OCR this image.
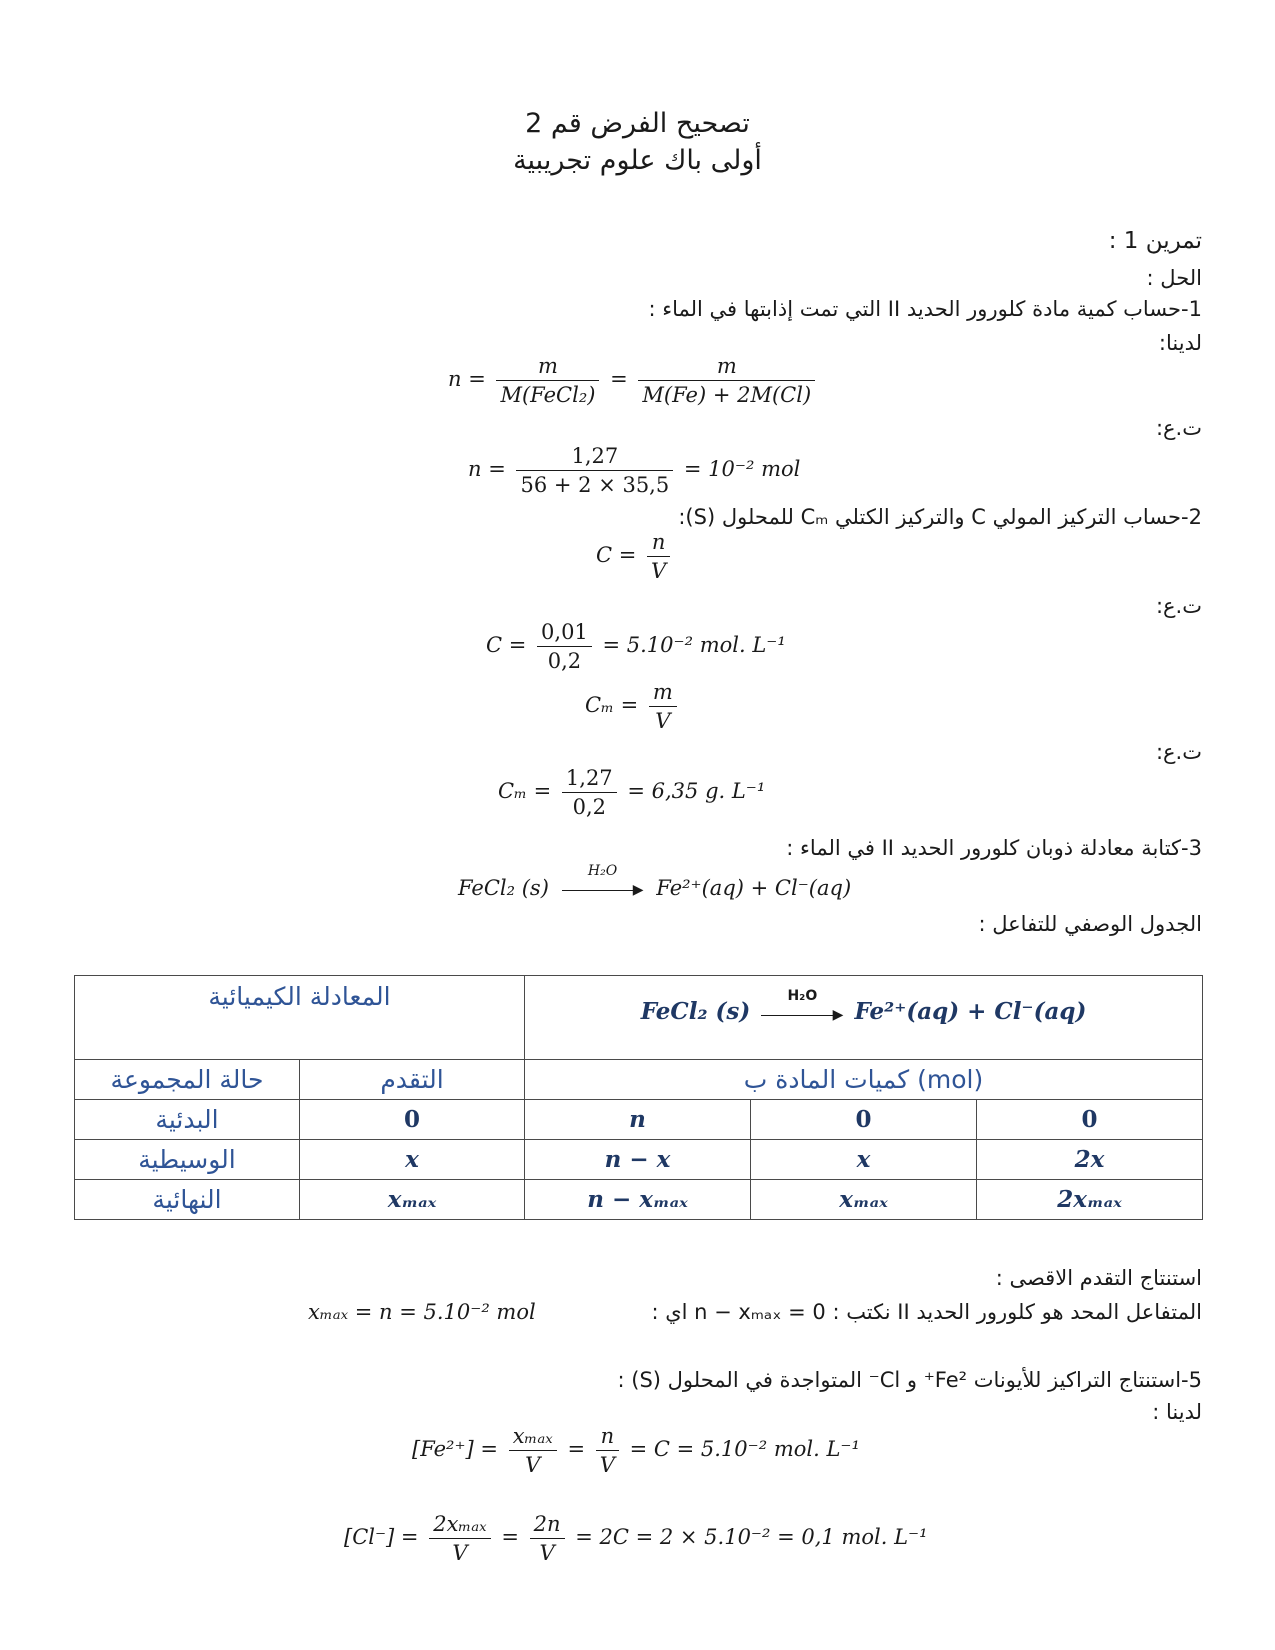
تصحيح الفرض قم 2
أولى باك علوم تجريبية
تمرين 1 :
الحل :
1-حساب كمية مادة كلورور الحديد II التي تمت إذابتها في الماء :
لدينا:
$n = \frac{m}{\text{M(FeCl₂)}} = \frac{m}{M(Fe) + 2M(Cl)}$
ت.ع:
$n = \frac{1,27}{56 + 2 \times 35,5} = 10^{-2}$ mol
2-حساب التركيز المولي C والتركيز الكتلي Cₘ للمحلول (S):
$C = \frac{n}{V}$
ت.ع:
$C = \frac{0,01}{0,2} = 5.10^{-2}$ mol. L⁻¹
$C_m = \frac{m}{V}$
ت.ع:
$C_m = \frac{1,27}{0,2} = 6,35$ g. L⁻¹
3-كتابة معادلة ذوبان كلورور الحديد II في الماء :
FeCl₂ (s)
H₂O
▶ Fe²⁺(aq) + Cl⁻(aq)
الجدول الوصفي للتفاعل :
المعادلة الكيميائية		FeCl₂ (s)
H₂O
▶ Fe²⁺(aq) + Cl⁻(aq)		
حالة المجموعة	التقدم	كميات المادة ب (mol)		
البدئية	0	n	0	0
الوسيطية	x	n − x	x	2x
النهائية	xₘₐₓ	n − xₘₐₓ	xₘₐₓ	2xₘₐₓ
استنتاج التقدم الاقصى :
المتفاعل المحد هو كلورور الحديد II نكتب : n − xₘₐₓ = 0 اي :
xₘₐₓ = n = 5.10⁻² mol
5-استنتاج التراكيز للأيونات Fe²⁺ و Cl⁻ المتواجدة في المحلول (S) :
لدينا :
$[Fe^{2+}] = \frac{\text{xₘₐₓ}}{V} = \frac{n}{V} = C = 5.10^{-2}$ mol. L⁻¹
$[Cl^-] = \frac{\text{2xₘₐₓ}}{V} = \frac{2n}{V} = 2C = 2 \times 5.10^{-2} = 0,1$ mol. L⁻¹
